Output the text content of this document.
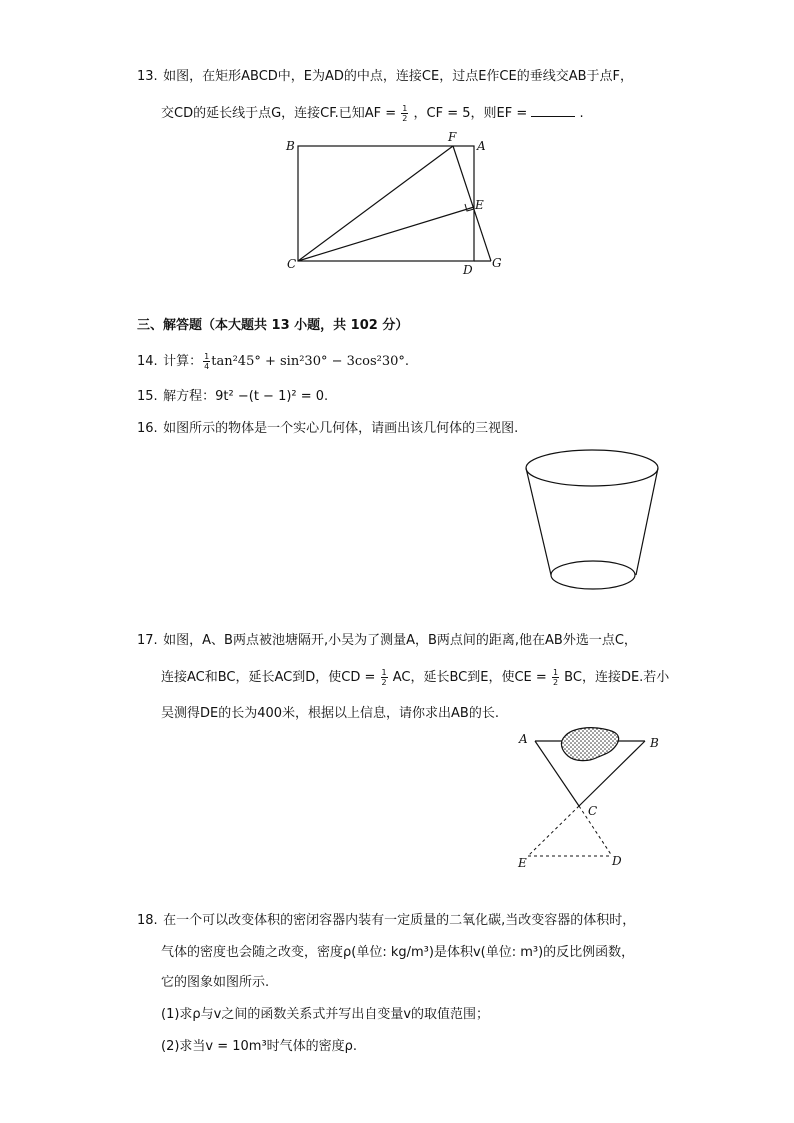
13. 如图，在矩形ABCD中，E为AD的中点，连接CE，过点E作CE的垂线交AB于点F，
交CD的延长线于点G，连接CF.已知AF = $\frac{1}{2}$ ，CF = 5，则EF =	.
B
F
A
E
C	D G
三、解答题（本大题共 13 小题，共 102 分）
14. 计算： $\frac{1}{4} \tan^245^\circ + \sin^230^\circ - 3\cos^230^\circ$.
15. 解方程：9t² −(t − 1)² = 0.
16. 如图所示的物体是一个实心几何体，请画出该几何体的三视图.
17. 如图，A、B两点被池塘隔开,小吴为了测量A，B两点间的距离,他在AB外选一点C，
连接AC和BC，延长AC到D，使CD = $\frac{1}{2}$ AC，延长BC到E，使CE = $\frac{1}{2}$ BC，连接DE.若小
吴测得DE的长为400米，根据以上信息，请你求出AB的长.
A	B
C
E	D
18. 在一个可以改变体积的密闭容器内装有一定质量的二氧化碳,当改变容器的体积时，
气体的密度也会随之改变，密度ρ(单位: kg/m³)是体积v(单位: m³)的反比例函数，
它的图象如图所示.
(1)求ρ与v之间的函数关系式并写出自变量v的取值范围；
(2)求当v = 10m³时气体的密度ρ.
